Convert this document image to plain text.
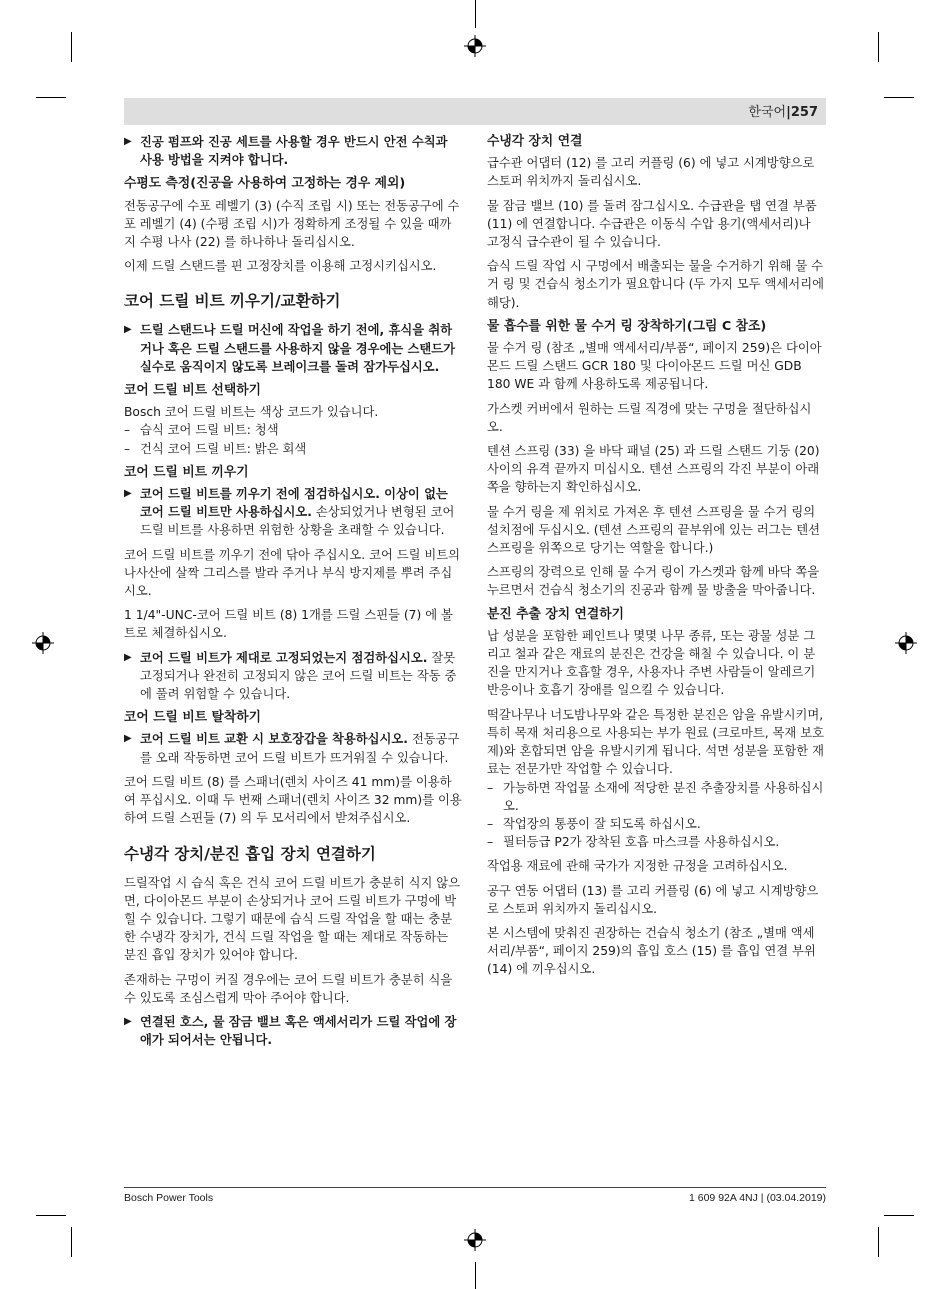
한국어|257
▶ 진공 펌프와 진공 세트를 사용할 경우 반드시 안전 수칙과 사용 방법을 지켜야 합니다.
수평도 측정(진공을 사용하여 고정하는 경우 제외)

전동공구에 수포 레벨기 (3) (수직 조립 시) 또는 전동공구에 수포 레벨기 (4) (수평 조립 시)가 정확하게 조정될 수 있을 때까지 수평 나사 (22) 를 하나하나 돌리십시오.

이제 드릴 스탠드를 핀 고정장치를 이용해 고정시키십시오.

코어 드릴 비트 끼우기/교환하기
▶ 드릴 스탠드나 드릴 머신에 작업을 하기 전에, 휴식을 취하거나 혹은 드릴 스탠드를 사용하지 않을 경우에는 스탠드가 실수로 움직이지 않도록 브레이크를 돌려 잠가두십시오.
코어 드릴 비트 선택하기

Bosch 코어 드릴 비트는 색상 코드가 있습니다.

– 습식 코어 드릴 비트: 청색
– 건식 코어 드릴 비트: 밝은 회색
코어 드릴 비트 끼우기
▶ 코어 드릴 비트를 끼우기 전에 점검하십시오. 이상이 없는 코어 드릴 비트만 사용하십시오. 손상되었거나 변형된 코어 드릴 비트를 사용하면 위험한 상황을 초래할 수 있습니다.

코어 드릴 비트를 끼우기 전에 닦아 주십시오. 코어 드릴 비트의 나사산에 살짝 그리스를 발라 주거나 부식 방지제를 뿌려 주십시오.

1 1/4"-UNC-코어 드릴 비트 (8) 1개를 드릴 스핀들 (7) 에 볼트로 체결하십시오.

▶ 코어 드릴 비트가 제대로 고정되었는지 점검하십시오. 잘못 고정되거나 완전히 고정되지 않은 코어 드릴 비트는 작동 중에 풀려 위험할 수 있습니다.
코어 드릴 비트 탈착하기
▶ 코어 드릴 비트 교환 시 보호장갑을 착용하십시오. 전동공구를 오래 작동하면 코어 드릴 비트가 뜨거워질 수 있습니다.

코어 드릴 비트 (8) 를 스패너(렌치 사이즈 41 mm)를 이용하여 푸십시오. 이때 두 번째 스패너(렌치 사이즈 32 mm)를 이용하여 드릴 스핀들 (7) 의 두 모서리에서 받쳐주십시오.

수냉각 장치/분진 흡입 장치 연결하기

드릴작업 시 습식 혹은 건식 코어 드릴 비트가 충분히 식지 않으면, 다이아몬드 부분이 손상되거나 코어 드릴 비트가 구멍에 박힐 수 있습니다. 그렇기 때문에 습식 드릴 작업을 할 때는 충분한 수냉각 장치가, 건식 드릴 작업을 할 때는 제대로 작동하는 분진 흡입 장치가 있어야 합니다.

존재하는 구멍이 커질 경우에는 코어 드릴 비트가 충분히 식을 수 있도록 조심스럽게 막아 주어야 합니다.

▶ 연결된 호스, 물 잠금 밸브 혹은 액세서리가 드릴 작업에 장애가 되어서는 안됩니다.
수냉각 장치 연결

급수관 어댑터 (12) 를 고리 커플링 (6) 에 넣고 시계방향으로 스토퍼 위치까지 돌리십시오.

물 잠금 밸브 (10) 를 돌려 잠그십시오. 수급관을 탭 연결 부품 (11) 에 연결합니다. 수급관은 이동식 수압 용기(액세서리)나 고정식 급수관이 될 수 있습니다.

습식 드릴 작업 시 구멍에서 배출되는 물을 수거하기 위해 물 수거 링 및 건습식 청소기가 필요합니다 (두 가지 모두 액세서리에 해당).

물 흡수를 위한 물 수거 링 장착하기(그림 C 참조)

물 수거 링 (참조 „별매 액세서리/부품“, 페이지 259)은 다이아몬드 드릴 스탠드 GCR 180 및 다이아몬드 드릴 머신 GDB 180 WE 과 함께 사용하도록 제공됩니다.

가스켓 커버에서 원하는 드릴 직경에 맞는 구멍을 절단하십시오.

텐션 스프링 (33) 을 바닥 패널 (25) 과 드릴 스탠드 기둥 (20) 사이의 유격 끝까지 미십시오. 텐션 스프링의 각진 부분이 아래쪽을 향하는지 확인하십시오.

물 수거 링을 제 위치로 가져온 후 텐션 스프링을 물 수거 링의 설치점에 두십시오. (텐션 스프링의 끝부위에 있는 러그는 텐션 스프링을 위쪽으로 당기는 역할을 합니다.)

스프링의 장력으로 인해 물 수거 링이 가스켓과 함께 바닥 쪽을 누르면서 건습식 청소기의 진공과 함께 물 방출을 막아줍니다.

분진 추출 장치 연결하기

납 성분을 포함한 페인트나 몇몇 나무 종류, 또는 광물 성분 그리고 철과 같은 재료의 분진은 건강을 해칠 수 있습니다. 이 분진을 만지거나 호흡할 경우, 사용자나 주변 사람들이 알레르기 반응이나 호흡기 장애를 일으킬 수 있습니다.

떡갈나무나 너도밤나무와 같은 특정한 분진은 암을 유발시키며, 특히 목재 처리용으로 사용되는 부가 원료 (크로마트, 목재 보호제)와 혼합되면 암을 유발시키게 됩니다. 석면 성분을 포함한 재료는 전문가만 작업할 수 있습니다.

– 가능하면 작업물 소재에 적당한 분진 추출장치를 사용하십시오.
– 작업장의 통풍이 잘 되도록 하십시오.
– 필터등급 P2가 장착된 호흡 마스크를 사용하십시오.

작업용 재료에 관해 국가가 지정한 규정을 고려하십시오.

공구 연동 어댑터 (13) 를 고리 커플링 (6) 에 넣고 시계방향으로 스토퍼 위치까지 돌리십시오.

본 시스템에 맞춰진 권장하는 건습식 청소기 (참조 „별매 액세서리/부품“, 페이지 259)의 흡입 호스 (15) 를 흡입 연결 부위 (14) 에 끼우십시오.

Bosch Power Tools	1 609 92A 4NJ | (03.04.2019)
